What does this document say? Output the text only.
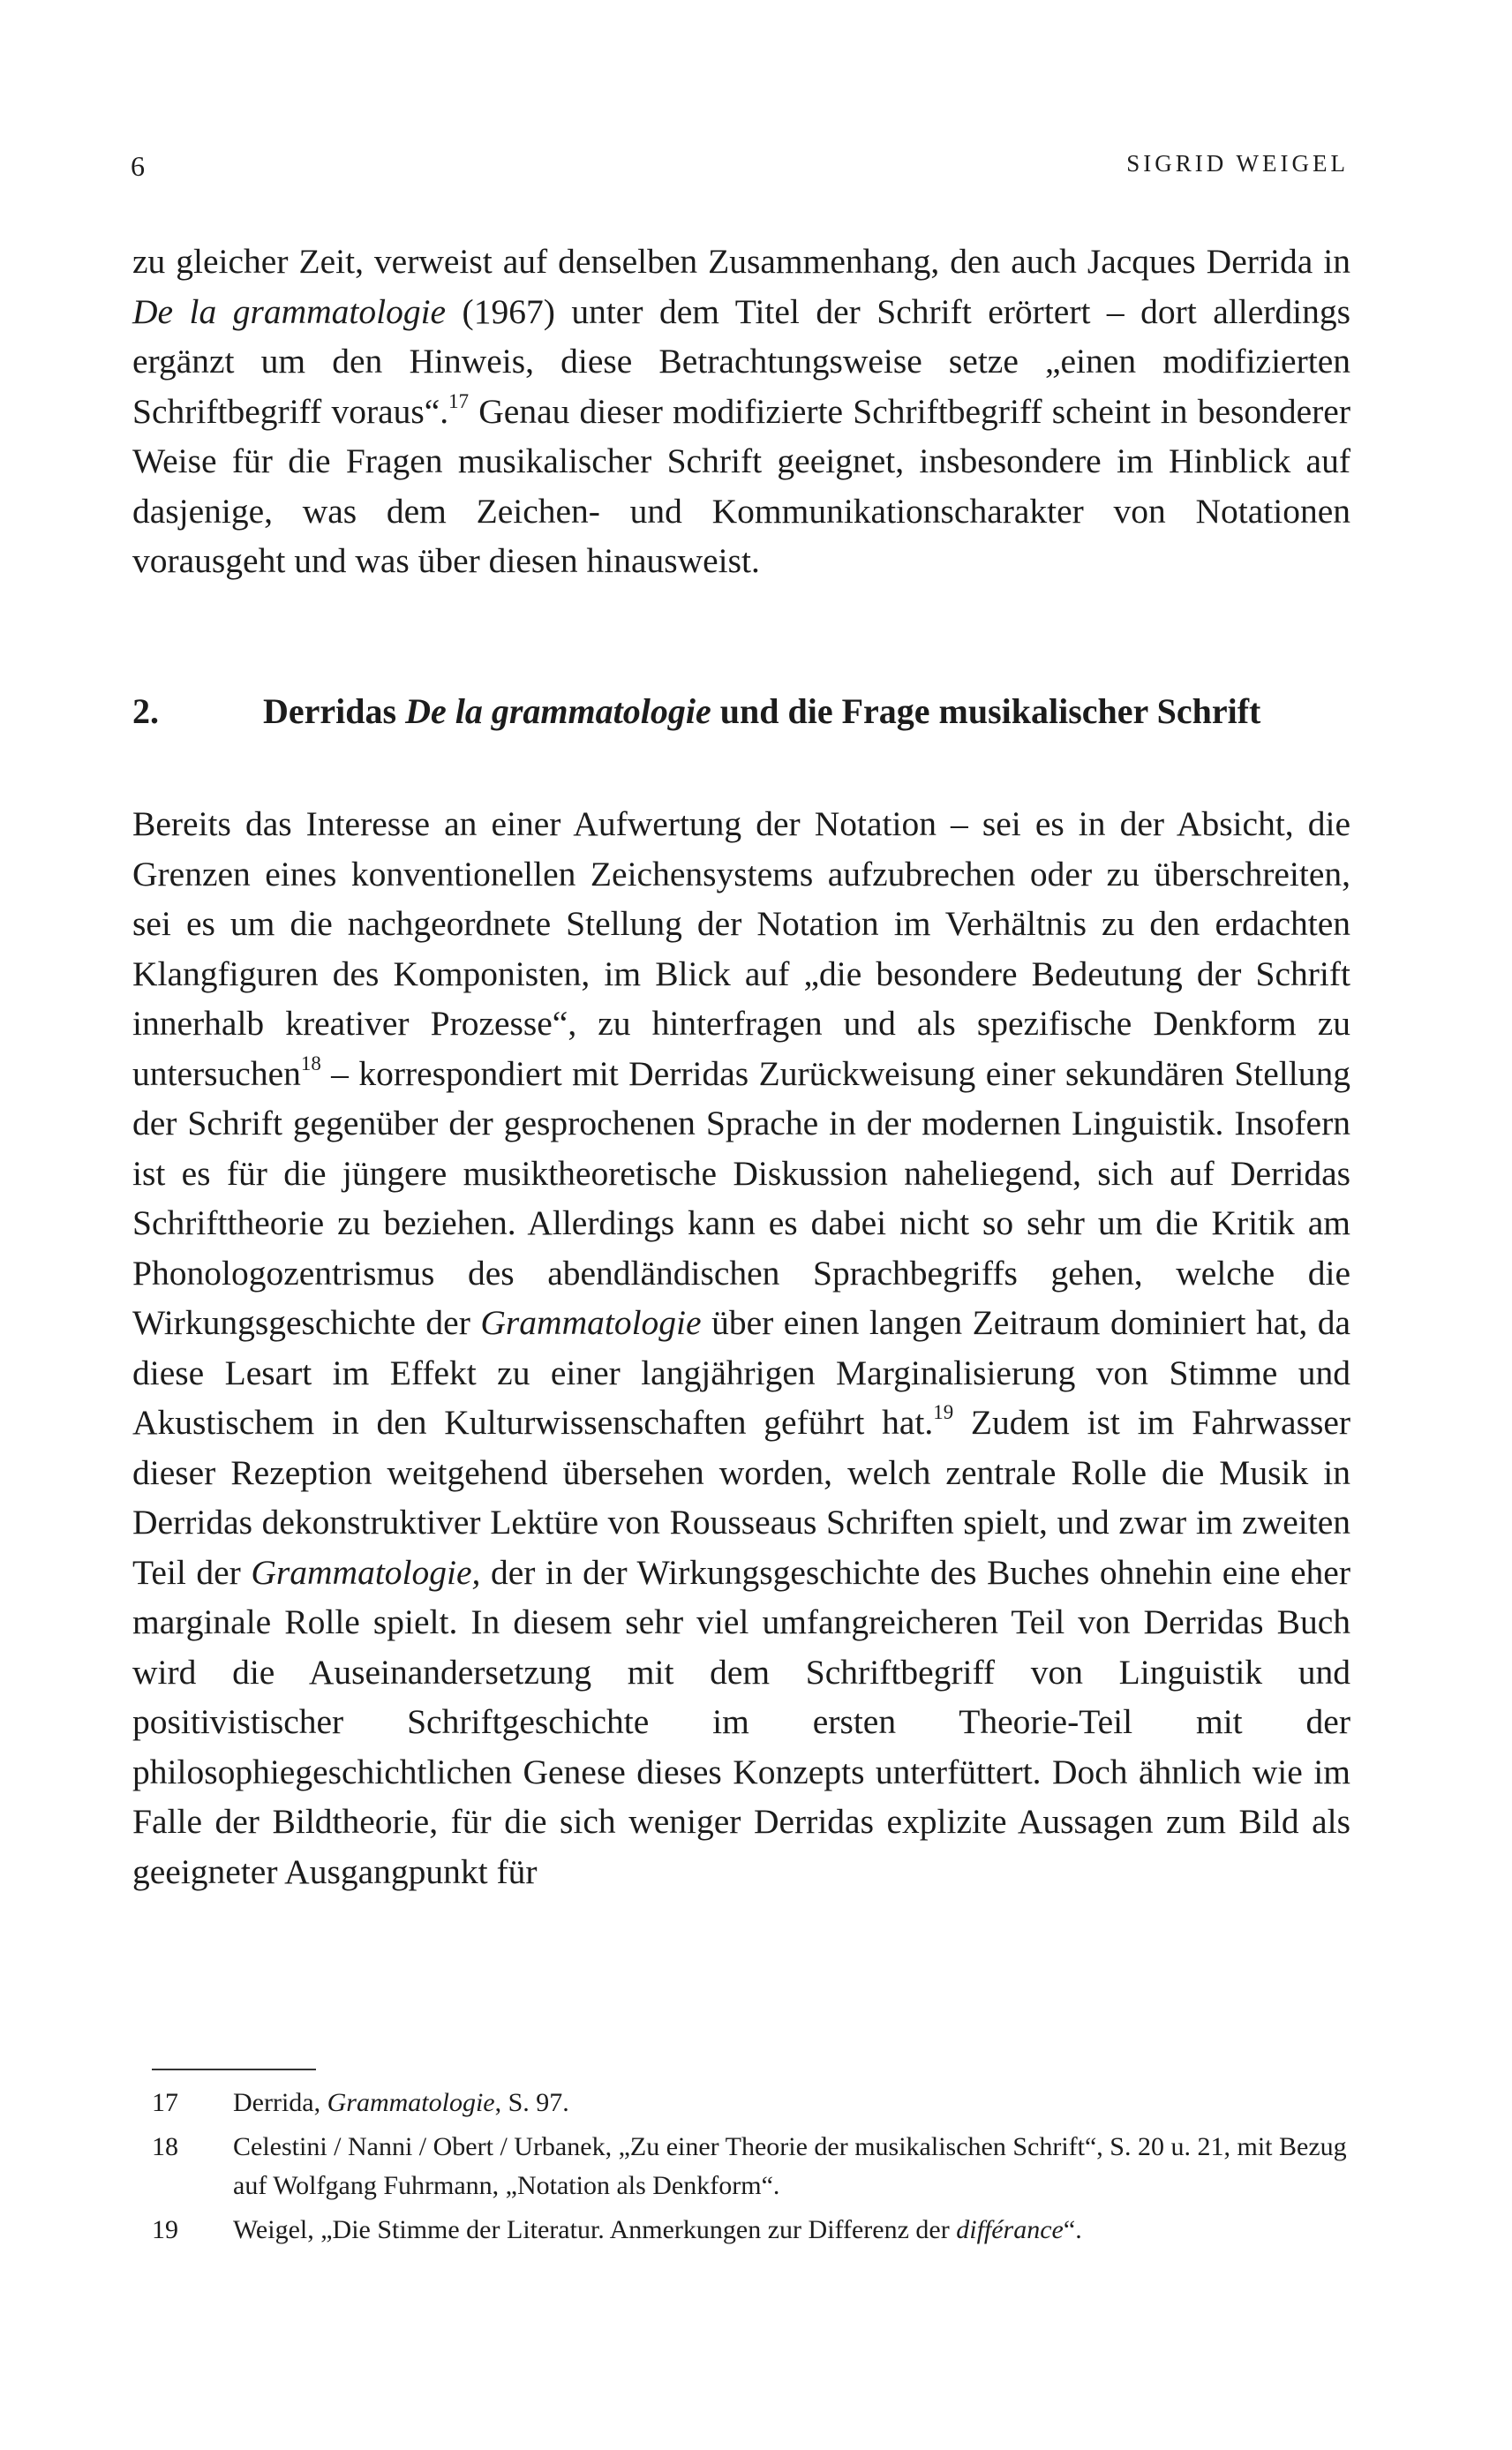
6	SIGRID WEIGEL

zu gleicher Zeit, verweist auf denselben Zusammenhang, den auch Jacques Derrida in De la grammatologie (1967) unter dem Titel der Schrift erörtert – dort allerdings ergänzt um den Hinweis, diese Betrachtungsweise setze „einen modifizierten Schriftbegriff voraus“.$^{17}$ Genau dieser modifizierte Schriftbegriff scheint in besonderer Weise für die Fragen musikalischer Schrift geeignet, insbesondere im Hinblick auf dasjenige, was dem Zeichen- und Kommunikationscharakter von Notationen vorausgeht und was über diesen hinausweist.

2.	Derridas De la grammatologie und die Frage musikalischer Schrift

Bereits das Interesse an einer Aufwertung der Notation – sei es in der Absicht, die Grenzen eines konventionellen Zeichensystems aufzubrechen oder zu überschreiten, sei es um die nachgeordnete Stellung der Notation im Verhältnis zu den erdachten Klangfiguren des Komponisten, im Blick auf „die besondere Bedeutung der Schrift innerhalb kreativer Prozesse“, zu hinterfragen und als spezifische Denkform zu untersuchen$^{18}$ – korrespondiert mit Derridas Zurückweisung einer sekundären Stellung der Schrift gegenüber der gesprochenen Sprache in der modernen Linguistik. Insofern ist es für die jüngere musiktheoretische Diskussion naheliegend, sich auf Derridas Schrifttheorie zu beziehen. Allerdings kann es dabei nicht so sehr um die Kritik am Phonologozentrismus des abendländischen Sprachbegriffs gehen, welche die Wirkungsgeschichte der Grammatologie über einen langen Zeitraum dominiert hat, da diese Lesart im Effekt zu einer langjährigen Marginalisierung von Stimme und Akustischem in den Kulturwissenschaften geführt hat.$^{19}$ Zudem ist im Fahrwasser dieser Rezeption weitgehend übersehen worden, welch zentrale Rolle die Musik in Derridas dekonstruktiver Lektüre von Rousseaus Schriften spielt, und zwar im zweiten Teil der Grammatologie, der in der Wirkungsgeschichte des Buches ohnehin eine eher marginale Rolle spielt. In diesem sehr viel umfangreicheren Teil von Derridas Buch wird die Auseinandersetzung mit dem Schriftbegriff von Linguistik und positivistischer Schriftgeschichte im ersten Theorie-Teil mit der philosophiegeschichtlichen Genese dieses Konzepts unterfüttert. Doch ähnlich wie im Falle der Bildtheorie, für die sich weniger Derridas explizite Aussagen zum Bild als geeigneter Ausgangpunkt für

17	Derrida, Grammatologie, S. 97.
18	Celestini / Nanni / Obert / Urbanek, „Zu einer Theorie der musikalischen Schrift“, S. 20 u. 21, mit Bezug auf Wolfgang Fuhrmann, „Notation als Denkform“.
19	Weigel, „Die Stimme der Literatur. Anmerkungen zur Differenz der différance“.
